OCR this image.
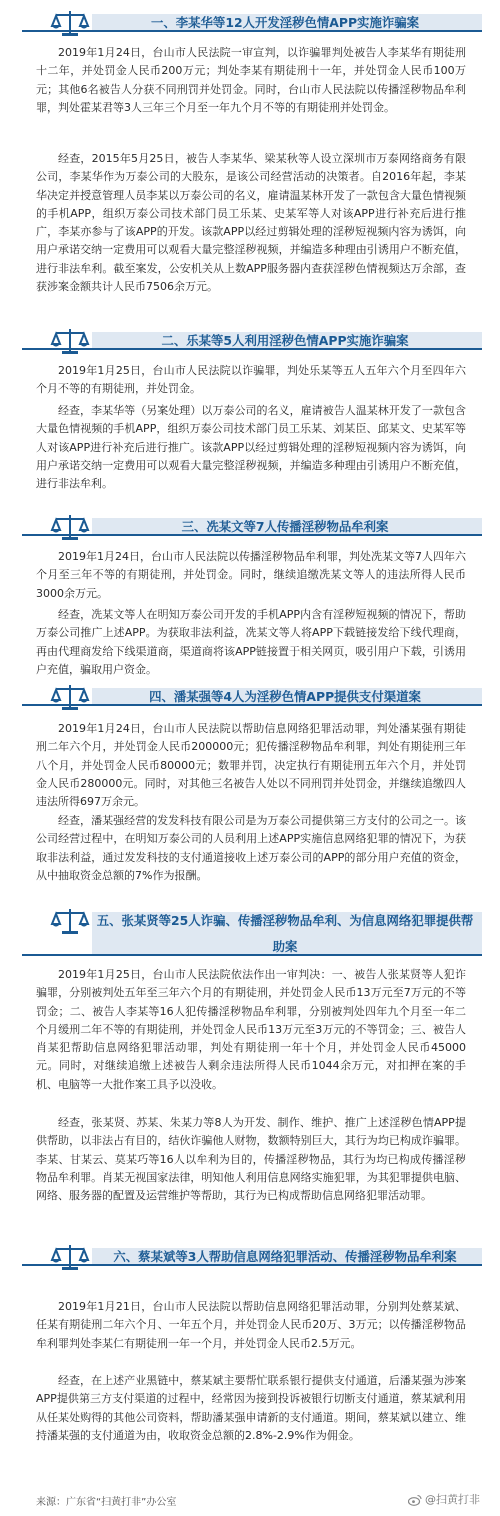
一、李某华等12人开发淫秽色情APP实施诈骗案

2019年1月24日，台山市人民法院一审宣判，以诈骗罪判处被告人李某华有期徒刑十二年，并处罚金人民币200万元；判处李某有期徒刑十一年，并处罚金人民币100万元；其他6名被告人分获不同刑罚并处罚金。同时，台山市人民法院以传播淫秽物品牟利罪，判处霍某君等3人三年三个月至一年九个月不等的有期徒刑并处罚金。

经查，2015年5月25日，被告人李某华、梁某秋等人设立深圳市万泰网络商务有限公司，李某华作为万泰公司的大股东，是该公司经营活动的决策者。自2016年起，李某华决定并授意管理人员李某以万泰公司的名义，雇请温某林开发了一款包含大量色情视频的手机APP，组织万泰公司技术部门员工乐某、史某军等人对该APP进行补充后进行推广，李某亦参与了该APP的开发。该款APP以经过剪辑处理的淫秽短视频内容为诱饵，向用户承诺交纳一定费用可以观看大量完整淫秽视频，并编造多种理由引诱用户不断充值，进行非法牟利。截至案发，公安机关从上数APP服务器内查获淫秽色情视频达万余部，查获涉案金额共计人民币7506余万元。

二、乐某等5人利用淫秽色情APP实施诈骗案

2019年1月25日，台山市人民法院以诈骗罪，判处乐某等五人五年六个月至四年六个月不等的有期徒刑，并处罚金。

经查，李某华等（另案处理）以万泰公司的名义，雇请被告人温某林开发了一款包含大量色情视频的手机APP，组织万泰公司技术部门员工乐某、刘某臣、邱某文、史某军等人对该APP进行补充后进行推广。该款APP以经过剪辑处理的淫秽短视频内容为诱饵，向用户承诺交纳一定费用可以观看大量完整淫秽视频，并编造多种理由引诱用户不断充值，进行非法牟利。

三、冼某文等7人传播淫秽物品牟利案

2019年1月24日，台山市人民法院以传播淫秽物品牟利罪，判处冼某文等7人四年六个月至三年不等的有期徒刑，并处罚金。同时，继续追缴冼某文等人的违法所得人民币3000余万元。

经查，冼某文等人在明知万泰公司开发的手机APP内含有淫秽短视频的情况下，帮助万泰公司推广上述APP。为获取非法利益，冼某文等人将APP下载链接发给下线代理商，再由代理商发给下线渠道商，渠道商将该APP链接置于相关网页，吸引用户下载，引诱用户充值，骗取用户资金。

四、潘某强等4人为淫秽色情APP提供支付渠道案

2019年1月24日，台山市人民法院以帮助信息网络犯罪活动罪，判处潘某强有期徒刑二年六个月，并处罚金人民币200000元；犯传播淫秽物品牟利罪，判处有期徒刑三年八个月，并处罚金人民币80000元；数罪并罚，决定执行有期徒刑五年六个月，并处罚金人民币280000元。同时，对其他三名被告人处以不同刑罚并处罚金，并继续追缴四人违法所得697万余元。

经查，潘某强经营的发发科技有限公司是为万泰公司提供第三方支付的公司之一。该公司经营过程中，在明知万泰公司的人员利用上述APP实施信息网络犯罪的情况下，为获取非法利益，通过发发科技的支付通道接收上述万泰公司的APP的部分用户充值的资金，从中抽取资金总额的7%作为报酬。

五、张某贤等25人诈骗、传播淫秽物品牟利、为信息网络犯罪提供帮助案

2019年1月25日，台山市人民法院依法作出一审判决：一、被告人张某贤等人犯诈骗罪，分别被判处五年至三年六个月的有期徒刑，并处罚金人民币13万元至7万元的不等罚金；二、被告人李某等16人犯传播淫秽物品牟利罪，分别被判处四年九个月至一年二个月缓刑二年不等的有期徒刑，并处罚金人民币13万元至3万元的不等罚金；三、被告人肖某犯帮助信息网络犯罪活动罪，判处有期徒刑一年十个月，并处罚金人民币45000元。同时，对继续追缴上述被告人剩余违法所得人民币1044余万元，对扣押在案的手机、电脑等一大批作案工具予以没收。

经查，张某贤、苏某、朱某力等8人为开发、制作、维护、推广上述淫秽色情APP提供帮助，以非法占有目的，结伙诈骗他人财物，数额特别巨大，其行为均已构成诈骗罪。李某、甘某云、莫某巧等16人以牟利为目的，传播淫秽物品，其行为均已构成传播淫秽物品牟利罪。肖某无视国家法律，明知他人利用信息网络实施犯罪，为其犯罪提供电脑、网络、服务器的配置及运营维护等帮助，其行为已构成帮助信息网络犯罪活动罪。

六、蔡某斌等3人帮助信息网络犯罪活动、传播淫秽物品牟利案

2019年1月21日，台山市人民法院以帮助信息网络犯罪活动罪，分别判处蔡某斌、任某有期徒刑二年六个月、一年五个月，并处罚金人民币20万、3万元；以传播淫秽物品牟利罪判处李某仁有期徒刑一年一个月，并处罚金人民币2.5万元。

经查，在上述产业黑链中，蔡某斌主要帮忙联系银行提供支付通道，后潘某强为涉案APP提供第三方支付渠道的过程中，经常因为接到投诉被银行切断支付通道，蔡某斌利用从任某处购得的其他公司资料，帮助潘某强申请新的支付通道。期间，蔡某斌以建立、维持潘某强的支付通道为由，收取资金总额的2.8%-2.9%作为佣金。

来源：广东省“扫黄打非”办公室	@扫黄打非
